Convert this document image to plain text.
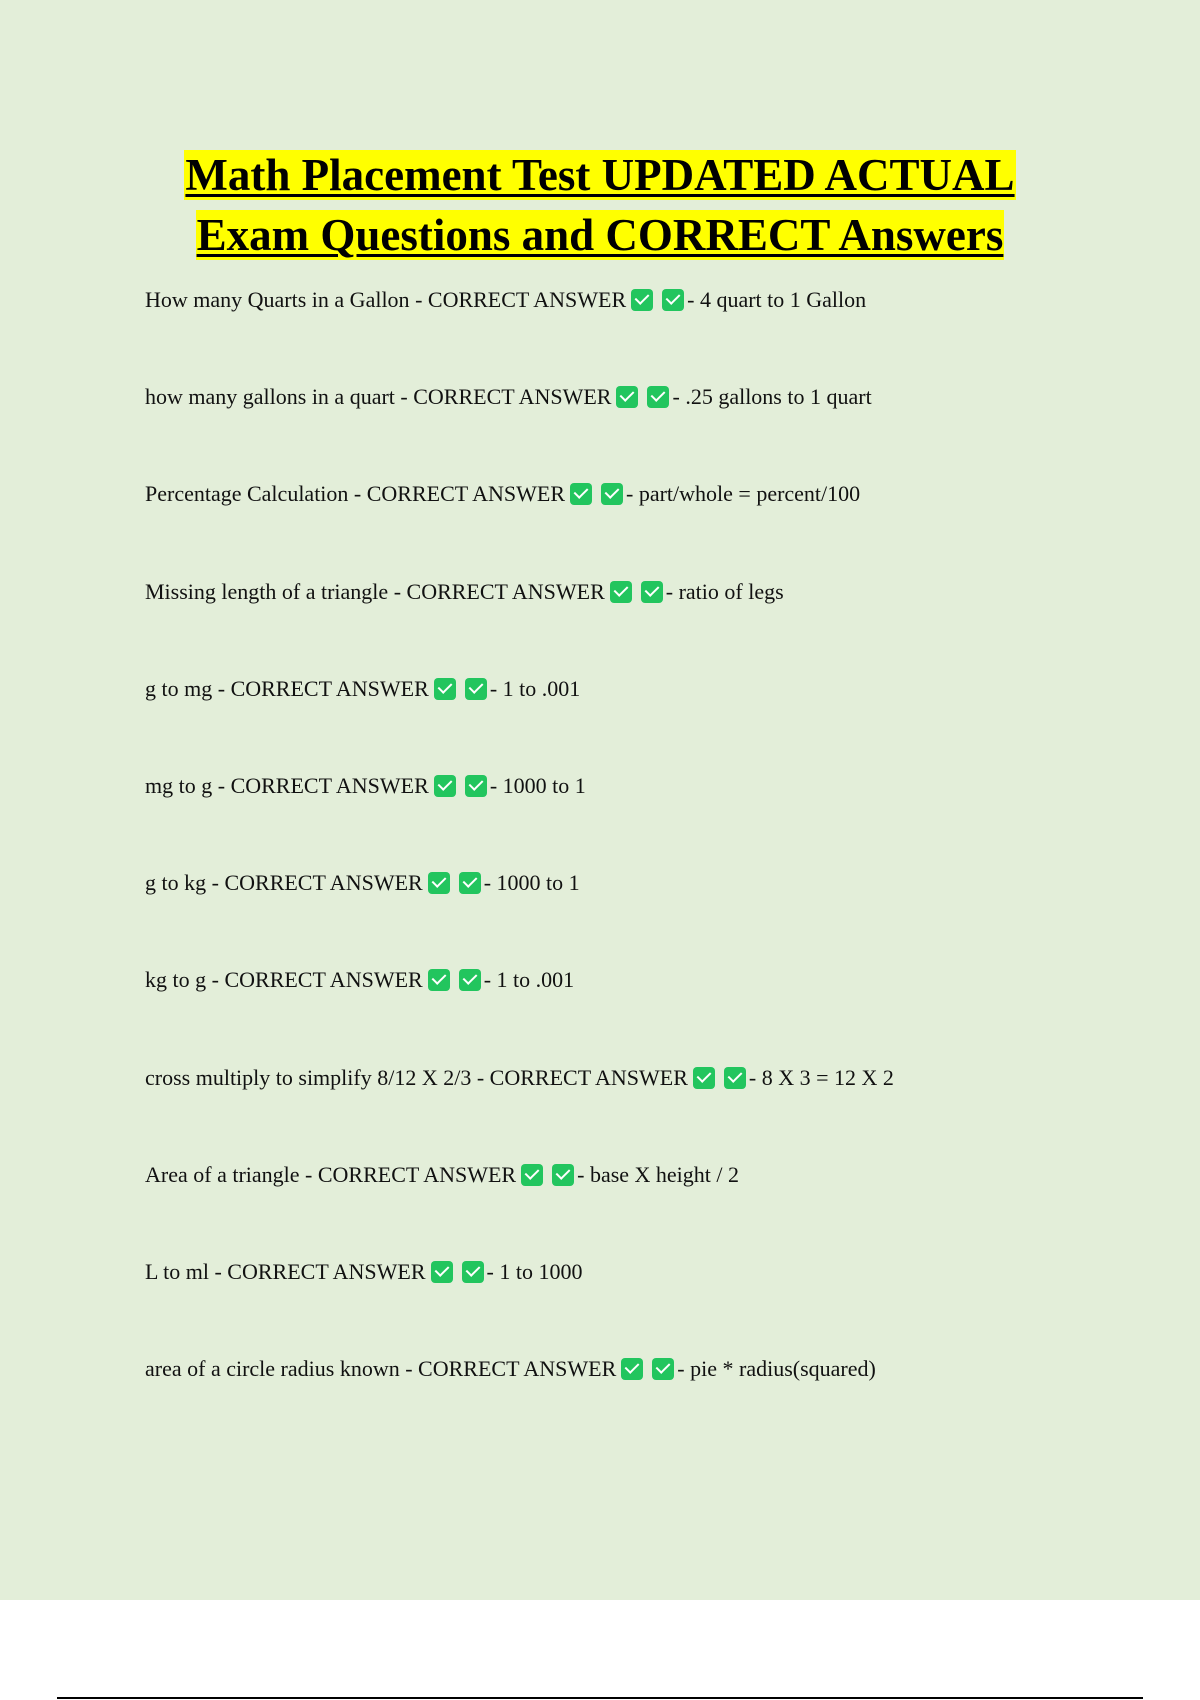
Math Placement Test UPDATED ACTUAL
Exam Questions and CORRECT Answers
How many Quarts in a Gallon - CORRECT ANSWER	- 4 quart to 1 Gallon
how many gallons in a quart - CORRECT ANSWER	- .25 gallons to 1 quart
Percentage Calculation - CORRECT ANSWER	- part/whole = percent/100
Missing length of a triangle - CORRECT ANSWER	- ratio of legs
g to mg - CORRECT ANSWER	- 1 to .001
mg to g - CORRECT ANSWER	- 1000 to 1
g to kg - CORRECT ANSWER	- 1000 to 1
kg to g - CORRECT ANSWER	- 1 to .001
cross multiply to simplify 8/12 X 2/3 - CORRECT ANSWER	- 8 X 3 = 12 X 2
Area of a triangle - CORRECT ANSWER	- base X height / 2
L to ml - CORRECT ANSWER	- 1 to 1000
area of a circle radius known - CORRECT ANSWER	- pie * radius(squared)
